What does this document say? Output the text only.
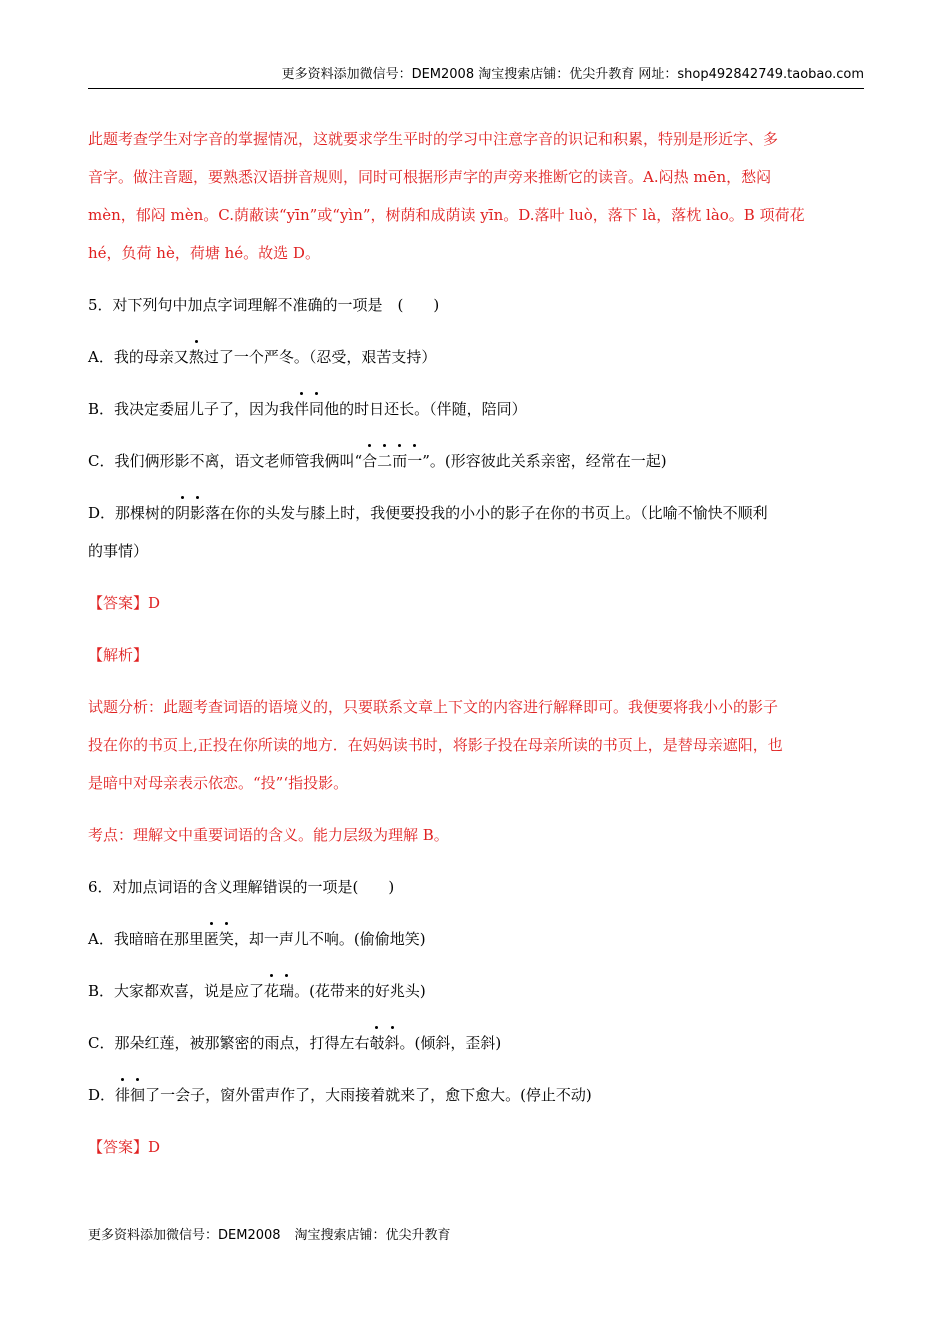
更多资料添加微信号：DEM2008 淘宝搜索店铺：优尖升教育 网址：shop492842749.taobao.com

此题考查学生对字音的掌握情况，这就要求学生平时的学习中注意字音的识记和积累，特别是形近字、多

音字。做注音题，要熟悉汉语拼音规则，同时可根据形声字的声旁来推断它的读音。A.闷热 mēn，愁闷

mèn，郁闷 mèn。C.荫蔽读“yīn”或“yìn”，树荫和成荫读 yīn。D.落叶 luò，落下 là，落枕 lào。B 项荷花

hé，负荷 hè，荷塘 hé。故选 D。

5．对下列句中加点字词理解不准确的一项是　(　　)

A．我的母亲又熬过了一个严冬。（忍受，艰苦支持）

B．我决定委屈儿子了，因为我伴同他的时日还长。（伴随，陪同）

C．我们俩形影不离，语文老师管我俩叫“合二而一”。(形容彼此关系亲密，经常在一起)

D．那棵树的阴影落在你的头发与膝上时，我便要投我的小小的影子在你的书页上。（比喻不愉快不顺利

的事情）

【答案】D

【解析】

试题分析：此题考查词语的语境义的，只要联系文章上下文的内容进行解释即可。我便要将我小小的影子

投在你的书页上,正投在你所读的地方．在妈妈读书时，将影子投在母亲所读的书页上，是替母亲遮阳，也

是暗中对母亲表示依恋。“投”‘指投影。

考点：理解文中重要词语的含义。能力层级为理解 B。

6．对加点词语的含义理解错误的一项是(　　)

A．我暗暗在那里匿笑，却一声儿不响。(偷偷地笑)

B．大家都欢喜，说是应了花瑞。(花带来的好兆头)

C．那朵红莲，被那繁密的雨点，打得左右攲斜。(倾斜，歪斜)

D．徘徊了一会子，窗外雷声作了，大雨接着就来了，愈下愈大。(停止不动)

【答案】D

更多资料添加微信号：DEM2008 淘宝搜索店铺：优尖升教育
